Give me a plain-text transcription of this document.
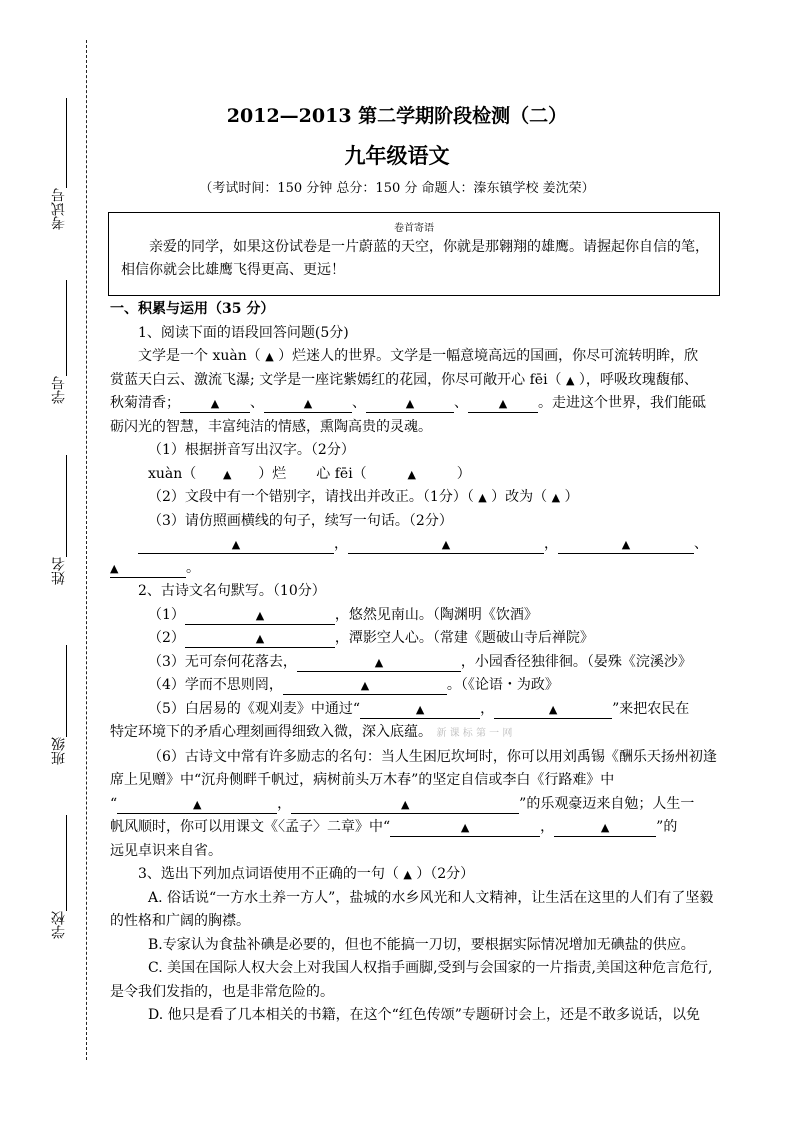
考试号
学号
姓名
班级
学校
2012—2013 第二学期阶段检测（二）
九年级语文
（考试时间：150 分钟 总分：150 分 命题人：溱东镇学校 姜沈荣）
卷首寄语
亲爱的同学，如果这份试卷是一片蔚蓝的天空，你就是那翱翔的雄鹰。请握起你自信的笔，相信你就会比雄鹰飞得更高、更远！

一、积累与运用（35 分）

1、阅读下面的语段回答问题(5分)

文学是一个 xuàn（ ▲ ）烂迷人的世界。文学是一幅意境高远的国画，你尽可流转明眸，欣

赏蓝天白云、激流飞瀑; 文学是一座诧紫嫣红的花园，你尽可敞开心 fēi（ ▲ ），呼吸玫瑰馥郁、

秋菊清香；	▲ 、	▲	、	▲	、	▲ 。走进这个世界，我们能砥

砺闪光的智慧，丰富纯洁的情感，熏陶高贵的灵魂。

（1）根据拼音写出汉字。（2分）

xuàn（ ▲ ）烂 心 fēi（	▲	）

（2）文段中有一个错别字，请找出并改正。（1分）（ ▲ ）改为（ ▲ ）

（3）请仿照画横线的句子，续写一句话。（2分）

▲	，	▲	，	▲	、

▲	。

2、古诗文名句默写。（10分）

（1）	▲	，悠然见南山。（陶渊明《饮酒》

（2）	▲	，潭影空人心。（常建《题破山寺后禅院》

（3）无可奈何花落去，	▲	，小园香径独徘徊。（晏殊《浣溪沙》

（4）学而不思则罔，	▲	。（《论语・为政》

（5）白居易的《观刈麦》中通过“	▲	，	▲	”来把农民在

特定环境下的矛盾心理刻画得细致入微，深入底蕴。 新 课 标 第 一 网

（6）古诗文中常有许多励志的名句：当人生困厄坎坷时，你可以用刘禹锡《酬乐天扬州初逢

席上见赠》中“沉舟侧畔千帆过，病树前头万木春”的坚定自信或李白《行路难》中

“	▲	，	▲	”的乐观豪迈来自勉；人生一

帆风顺时，你可以用课文《〈孟子〉二章》中“	▲	，	▲	”的

远见卓识来自省。

3、选出下列加点词语使用不正确的一句（ ▲ ）（2分）

A. 俗话说“一方水土养一方人”，盐城的水乡风光和人文精神，让生活在这里的人们有了坚毅

的性格和广阔的胸襟。

B.专家认为食盐补碘是必要的，但也不能搞一刀切，要根据实际情况增加无碘盐的供应。

C. 美国在国际人权大会上对我国人权指手画脚,受到与会国家的一片指责,美国这种危言危行,

是令我们发指的，也是非常危险的。

D. 他只是看了几本相关的书籍，在这个“红色传颂”专题研讨会上，还是不敢多说话，以免
